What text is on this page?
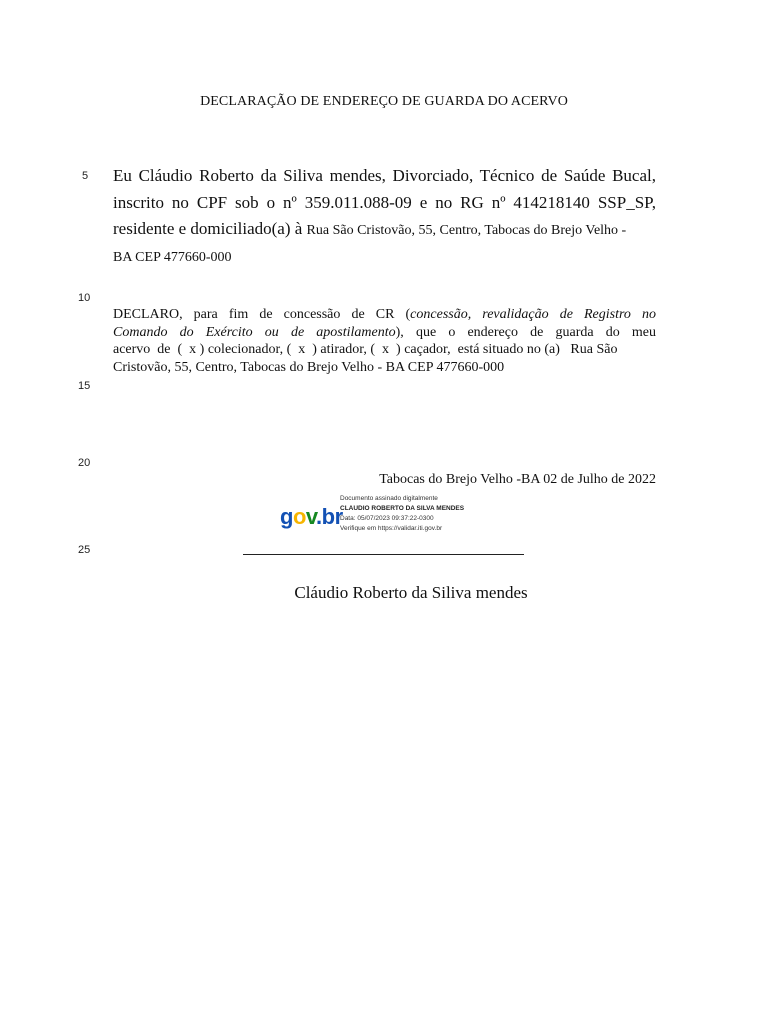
DECLARAÇÃO DE ENDEREÇO DE GUARDA DO ACERVO
5
10
15
20
25
Eu Cláudio Roberto da Siliva mendes, Divorciado, Técnico de Saúde Bucal,
inscrito no CPF sob o nº 359.011.088-09 e no RG nº 414218140 SSP_SP,
residente e domiciliado(a) à Rua São Cristovão, 55, Centro, Tabocas do Brejo Velho -
BA CEP 477660-000
DECLARO, para fim de concessão de CR (concessão, revalidação de Registro no
Comando do Exército ou de apostilamento), que o endereço de guarda do meu
acervo  de  (  x ) colecionador, (  x  ) atirador, (  x  ) caçador,  está situado no (a)   Rua São
Cristovão, 55, Centro, Tabocas do Brejo Velho - BA CEP 477660-000
Tabocas do Brejo Velho -BA 02 de Julho de 2022
gov.br
Documento assinado digitalmente
CLAUDIO ROBERTO DA SILVA MENDES
Data: 05/07/2023 09:37:22-0300
Verifique em https://validar.iti.gov.br
Cláudio Roberto da Siliva mendes
